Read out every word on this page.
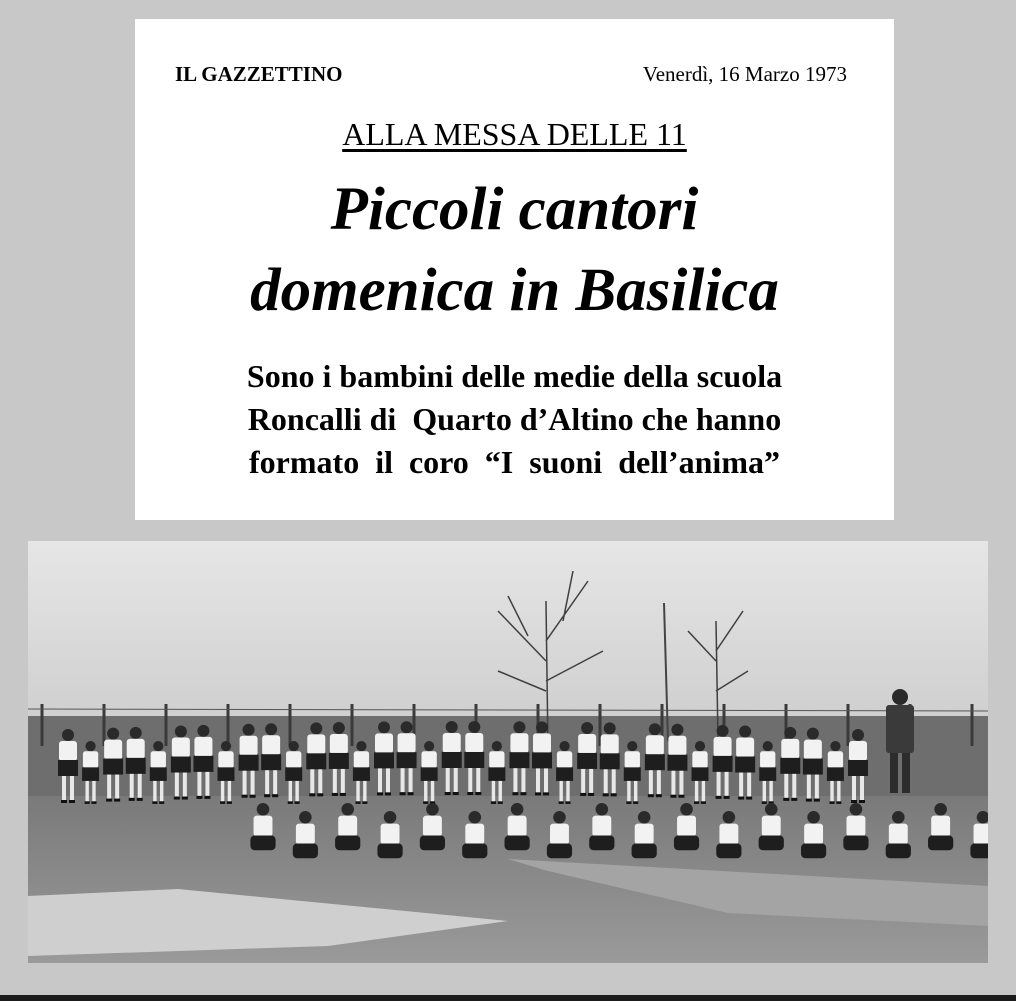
IL GAZZETTINO	Venerdì, 16 Marzo 1973
ALLA MESSA DELLE 11
Piccoli cantori
domenica in Basilica
Sono i bambini delle medie della scuola
Roncalli di  Quarto d’Altino che hanno
formato  il  coro  “I  suoni  dell’anima”
